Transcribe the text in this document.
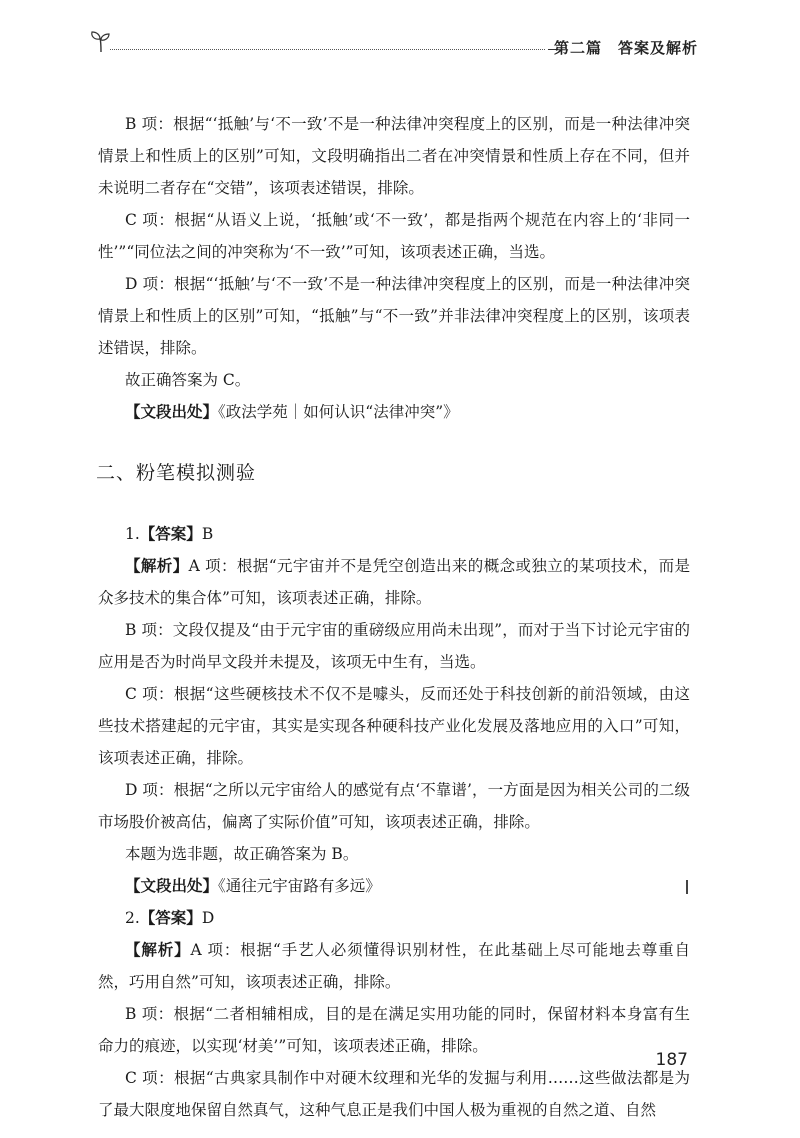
第二篇　答案及解析

B 项：根据“‘抵触’与‘不一致’不是一种法律冲突程度上的区别，而是一种法律冲突情景上和性质上的区别”可知，文段明确指出二者在冲突情景和性质上存在不同，但并未说明二者存在“交错”，该项表述错误，排除。

C 项：根据“从语义上说，‘抵触’或‘不一致’，都是指两个规范在内容上的‘非同一性’”“同位法之间的冲突称为‘不一致’”可知，该项表述正确，当选。

D 项：根据“‘抵触’与‘不一致’不是一种法律冲突程度上的区别，而是一种法律冲突情景上和性质上的区别”可知，“抵触”与“不一致”并非法律冲突程度上的区别，该项表述错误，排除。

故正确答案为 C。

【文段出处】《政法学苑｜如何认识“法律冲突”》

二、粉笔模拟测验

1.【答案】B

【解析】A 项：根据“元宇宙并不是凭空创造出来的概念或独立的某项技术，而是众多技术的集合体”可知，该项表述正确，排除。

B 项：文段仅提及“由于元宇宙的重磅级应用尚未出现”，而对于当下讨论元宇宙的应用是否为时尚早文段并未提及，该项无中生有，当选。

C 项：根据“这些硬核技术不仅不是噱头，反而还处于科技创新的前沿领域，由这些技术搭建起的元宇宙，其实是实现各种硬科技产业化发展及落地应用的入口”可知，该项表述正确，排除。

D 项：根据“之所以元宇宙给人的感觉有点‘不靠谱’，一方面是因为相关公司的二级市场股价被高估，偏离了实际价值”可知，该项表述正确，排除。

本题为选非题，故正确答案为 B。

【文段出处】《通往元宇宙路有多远》

2.【答案】D

【解析】A 项：根据“手艺人必须懂得识别材性，在此基础上尽可能地去尊重自然，巧用自然”可知，该项表述正确，排除。

B 项：根据“二者相辅相成，目的是在满足实用功能的同时，保留材料本身富有生命力的痕迹，以实现‘材美’”可知，该项表述正确，排除。

C 项：根据“古典家具制作中对硬木纹理和光华的发掘与利用……这些做法都是为了最大限度地保留自然真气，这种气息正是我们中国人极为重视的自然之道、自然

187
